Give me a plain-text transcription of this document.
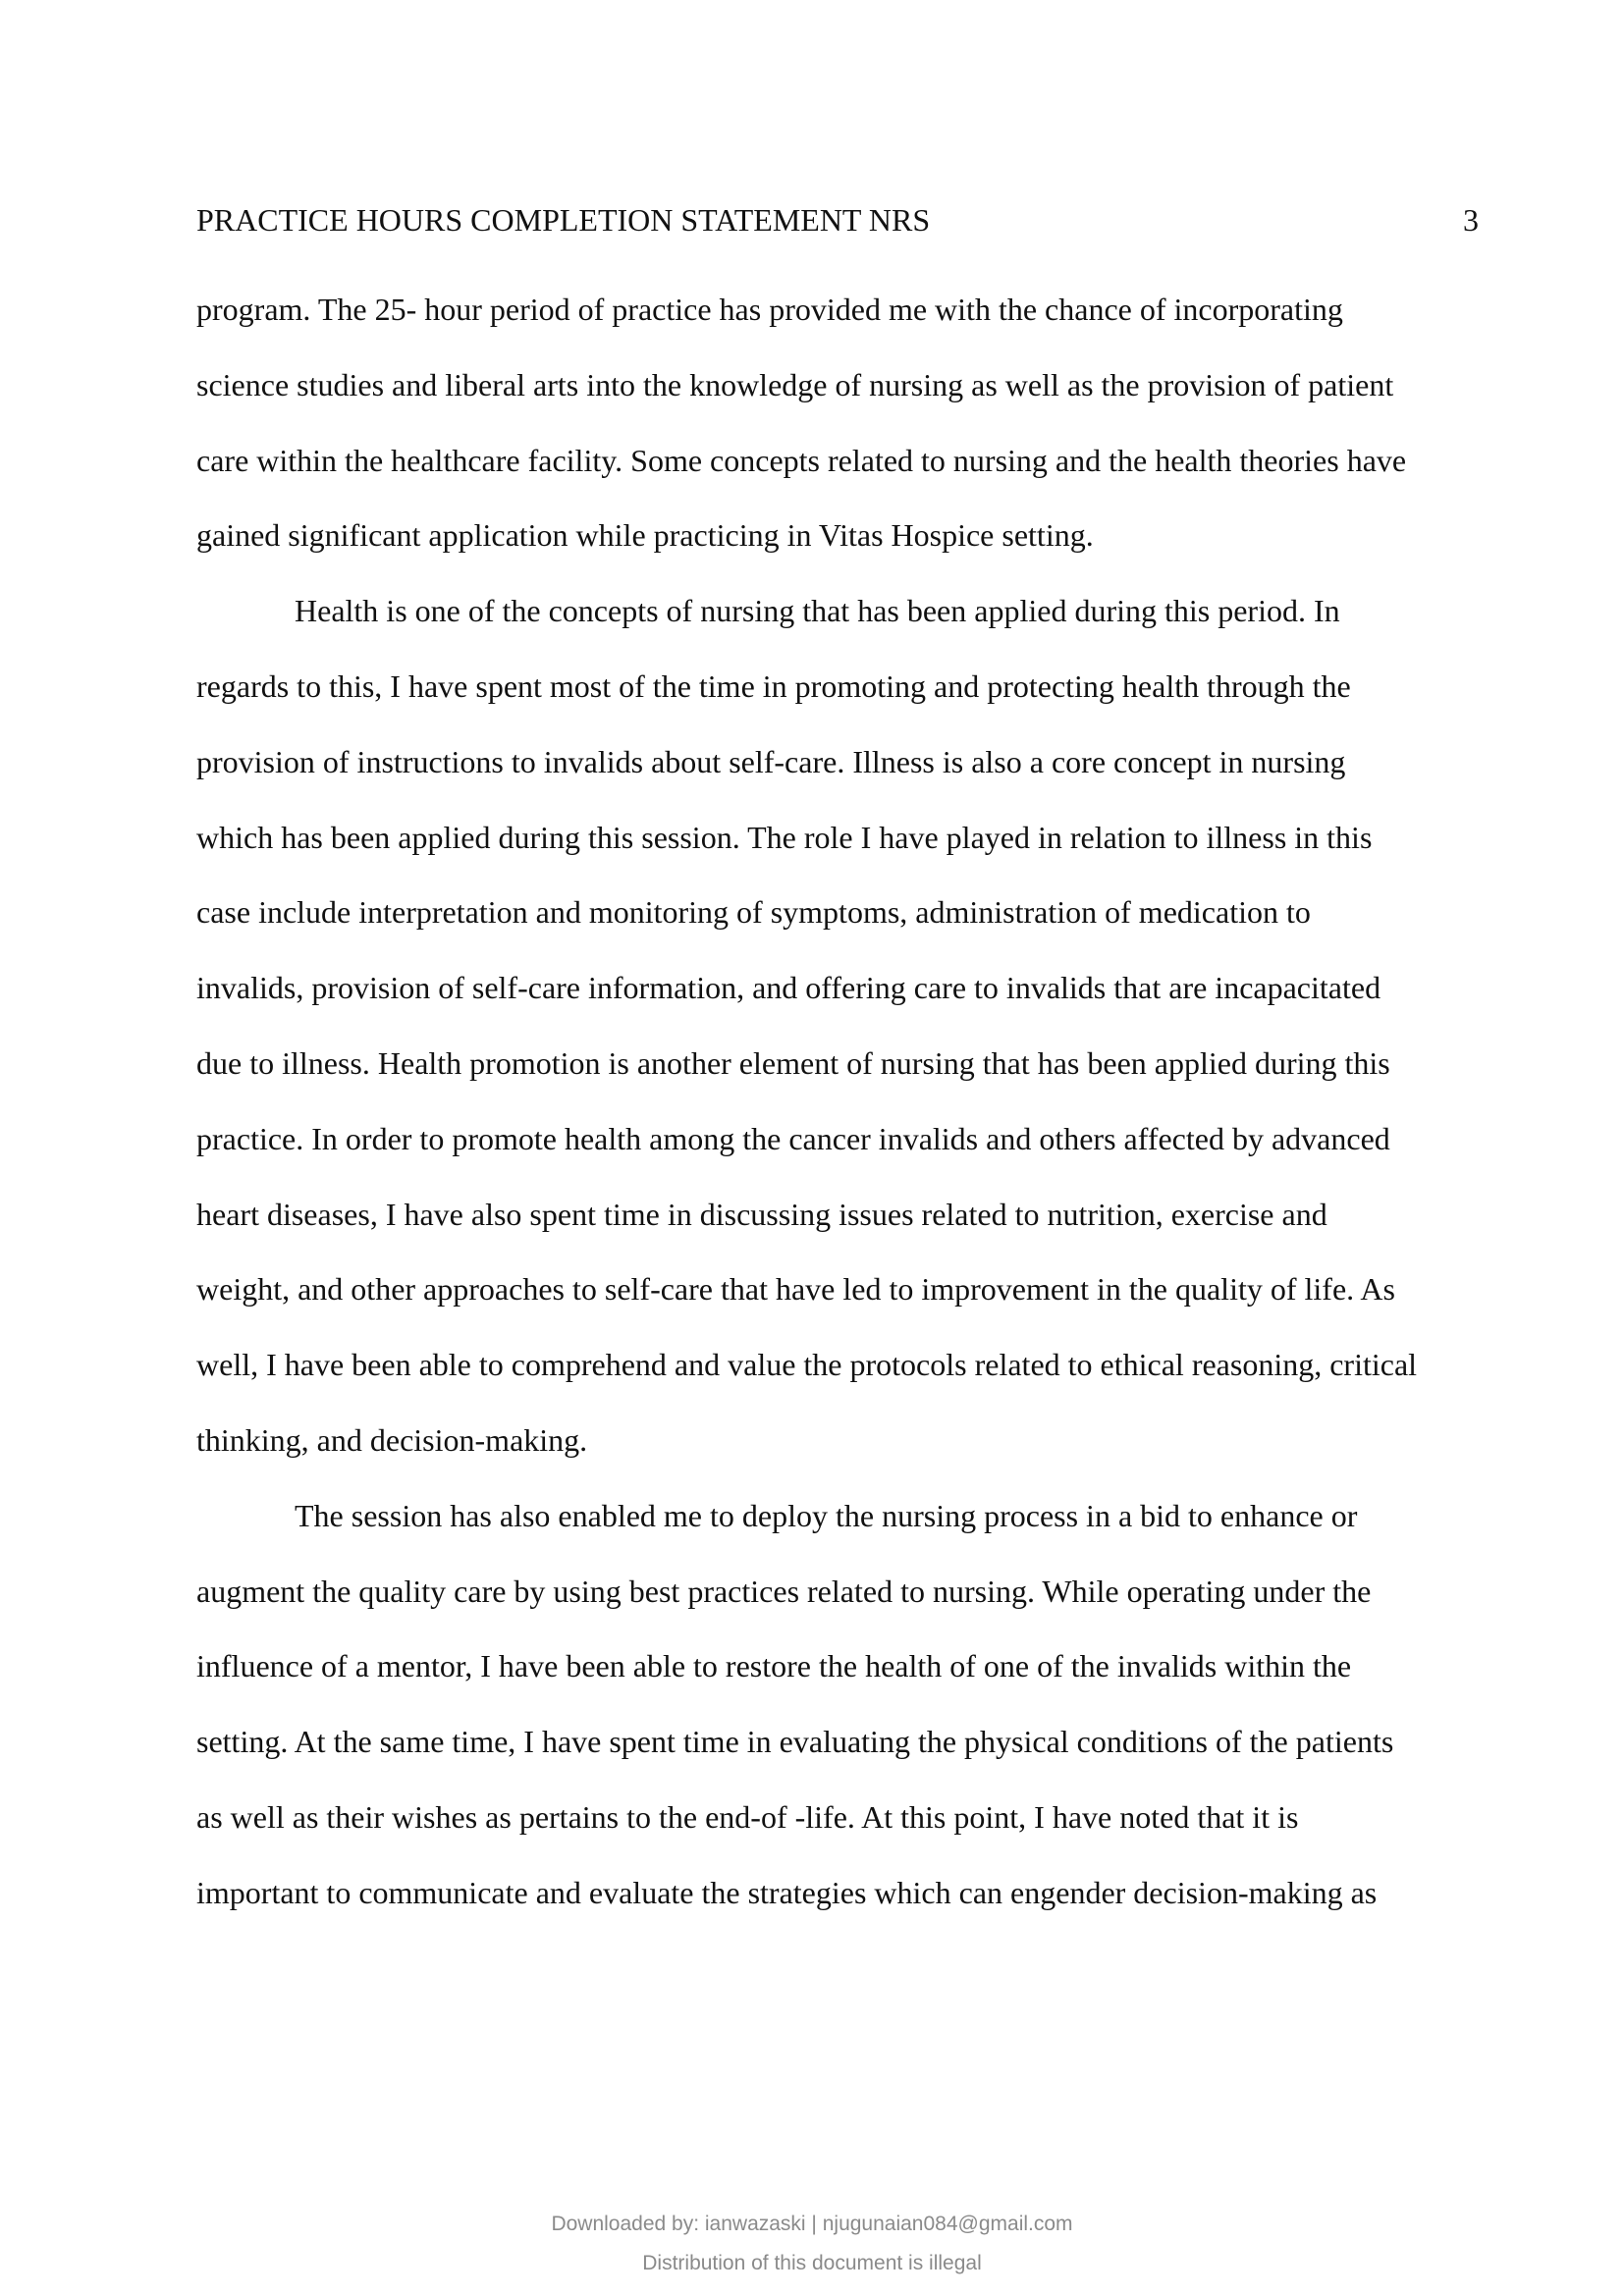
PRACTICE HOURS COMPLETION STATEMENT NRS	3
program. The 25- hour period of practice has provided me with the chance of incorporating
science studies and liberal arts into the knowledge of nursing as well as the provision of patient
care within the healthcare facility. Some concepts related to nursing and the health theories have
gained significant application while practicing in Vitas Hospice setting.
Health is one of the concepts of nursing that has been applied during this period. In
regards to this, I have spent most of the time in promoting and protecting health through the
provision of instructions to invalids about self-care. Illness is also a core concept in nursing
which has been applied during this session. The role I have played in relation to illness in this
case include interpretation and monitoring of symptoms, administration of medication to
invalids, provision of self-care information, and offering care to invalids that are incapacitated
due to illness. Health promotion is another element of nursing that has been applied during this
practice. In order to promote health among the cancer invalids and others affected by advanced
heart diseases, I have also spent time in discussing issues related to nutrition, exercise and
weight, and other approaches to self-care that have led to improvement in the quality of life. As
well, I have been able to comprehend and value the protocols related to ethical reasoning, critical
thinking, and decision-making.
The session has also enabled me to deploy the nursing process in a bid to enhance or
augment the quality care by using best practices related to nursing. While operating under the
influence of a mentor, I have been able to restore the health of one of the invalids within the
setting. At the same time, I have spent time in evaluating the physical conditions of the patients
as well as their wishes as pertains to the end-of -life. At this point, I have noted that it is
important to communicate and evaluate the strategies which can engender decision-making as
Downloaded by: ianwazaski | njugunaian084@gmail.com
Distribution of this document is illegal
